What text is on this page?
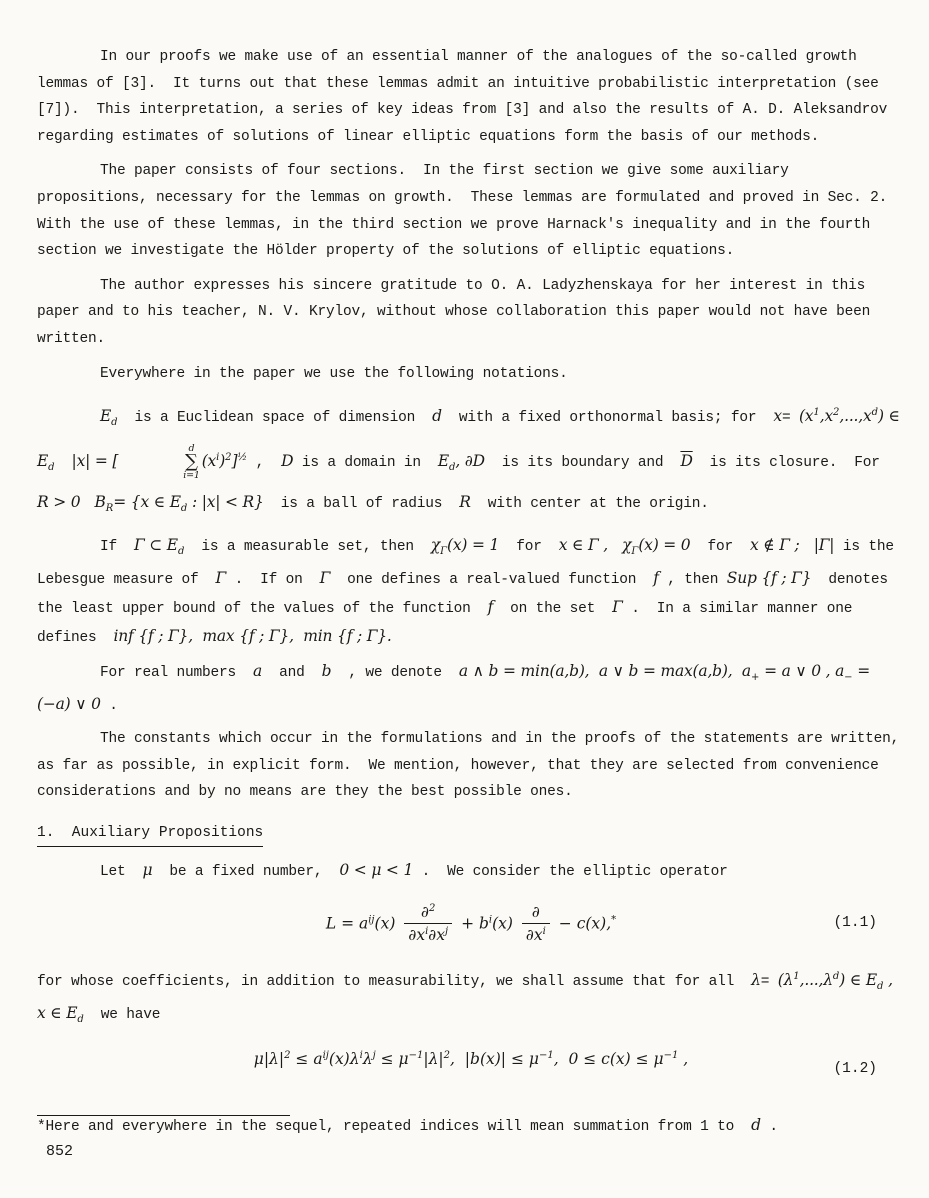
In our proofs we make use of an essential manner of the analogues of the so-called growth lemmas of [3].  It turns out that these lemmas admit an intuitive probabilistic interpretation (see [7]).  This interpretation, a series of key ideas from [3] and also the results of A. D. Aleksandrov regarding estimates of solutions of linear elliptic equations form the basis of our methods.

The paper consists of four sections.  In the first section we give some auxiliary propositions, necessary for the lemmas on growth.  These lemmas are formulated and proved in Sec. 2. With the use of these lemmas, in the third section we prove Harnack's inequality and in the fourth section we investigate the Hölder property of the solutions of elliptic equations.

The author expresses his sincere gratitude to O. A. Ladyzhenskaya for her interest in this paper and to his teacher, N. V. Krylov, without whose collaboration this paper would not have been written.

Everywhere in the paper we use the following notations.

$E_d$  is a Euclidean space of dimension  d  with a fixed orthonormal basis; for  $x= (x^1,x^2,...,x^d)$ ∈ $E_d$ |x| = [
d
∑
i=1
$(x^i)^2]^{\frac{1}{2}}$ ,  D is a domain in  $E_d$, ∂D  is its boundary and  $\overline{D}$  is its closure.  For  R > 0   $B_R= \{x$ ∈ $E_d$ : |x| < R}  is a ball of radius  R  with center at the origin.

If  Γ ⊂ $E_d$  is a measurable set, then  $\chi_\Gamma(x) = 1$  for  x ∈ Γ ,   $\chi_\Gamma(x) = 0$  for  x ∉ Γ ;   |Γ| is the Lebesgue measure of  Γ .  If on  Γ  one defines a real-valued function  f , then Sup {f ; Γ}  denotes the least upper bound of the values of the function  f  on the set  Γ .  In a similar manner one defines  inf {f ; Γ},  max {f ; Γ},  min {f ; Γ}.

For real numbers  a  and  b  , we denote  a ∧ b = min(a,b),  a ∨ b = max(a,b),  $a_+ = a$ ∨ 0 , $a_- = (-a)$ ∨ 0 .

The constants which occur in the formulations and in the proofs of the statements are written, as far as possible, in explicit form.  We mention, however, that they are selected from convenience considerations and by no means are they the best possible ones.

1.  Auxiliary Propositions

Let  μ  be a fixed number,  0 < μ < 1 .  We consider the elliptic operator

$L = a^{ij}(x) \frac{\partial^2}{\partial x^i\partial x^j} + b^i(x) \frac{\partial}{\partial x^i} - c(x),^*$	(1.1)

for whose coefficients, in addition to measurability, we shall assume that for all  $\lambda= (\lambda^1,...,\lambda^d)$ ∈ $E_d$ ,  x ∈ $E_d$  we have

$\mu|\lambda|^2 \le a^{ij}(x)\lambda^i\lambda^j \le \mu^{-1}|\lambda|^2$,  $|b(x)| \le \mu^{-1}$,  $0 \le c(x) \le \mu^{-1}$ ,
(1.2)

*Here and everywhere in the sequel, repeated indices will mean summation from 1 to  d .

852
